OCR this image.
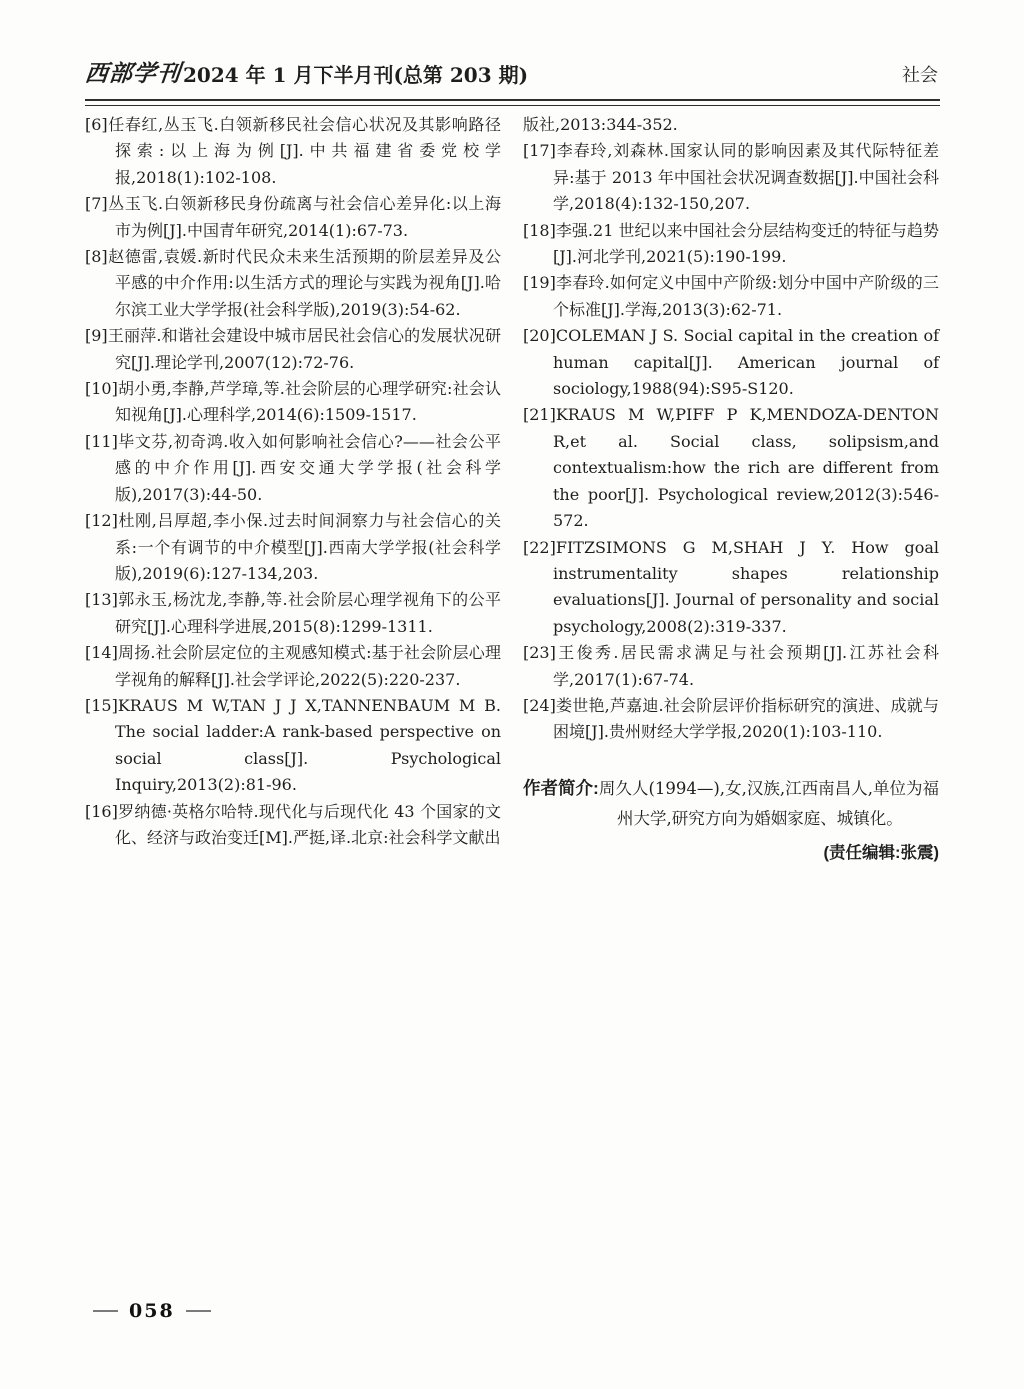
西部学刊 2024 年 1 月下半月刊(总第 203 期)	社会
[6]任春红,丛玉飞.白领新移民社会信心状况及其影响路径探索:以上海为例[J].中共福建省委党校学报,2018(1):102-108.
[7]丛玉飞.白领新移民身份疏离与社会信心差异化:以上海市为例[J].中国青年研究,2014(1):67-73.
[8]赵德雷,袁媛.新时代民众未来生活预期的阶层差异及公平感的中介作用:以生活方式的理论与实践为视角[J].哈尔滨工业大学学报(社会科学版),2019(3):54-62.
[9]王丽萍.和谐社会建设中城市居民社会信心的发展状况研究[J].理论学刊,2007(12):72-76.
[10]胡小勇,李静,芦学璋,等.社会阶层的心理学研究:社会认知视角[J].心理科学,2014(6):1509-1517.
[11]毕文芬,初奇鸿.收入如何影响社会信心?——社会公平感的中介作用[J].西安交通大学学报(社会科学版),2017(3):44-50.
[12]杜刚,吕厚超,李小保.过去时间洞察力与社会信心的关系:一个有调节的中介模型[J].西南大学学报(社会科学版),2019(6):127-134,203.
[13]郭永玉,杨沈龙,李静,等.社会阶层心理学视角下的公平研究[J].心理科学进展,2015(8):1299-1311.
[14]周扬.社会阶层定位的主观感知模式:基于社会阶层心理学视角的解释[J].社会学评论,2022(5):220-237.
[15]KRAUS M W,TAN J J X,TANNENBAUM M B. The social ladder:A rank-based perspective on social class[J]. Psychological Inquiry,2013(2):81-96.
[16]罗纳德·英格尔哈特.现代化与后现代化 43 个国家的文化、经济与政治变迁[M].严挺,译.北京:社会科学文献出
版社,2013:344-352.
[17]李春玲,刘森林.国家认同的影响因素及其代际特征差异:基于 2013 年中国社会状况调查数据[J].中国社会科学,2018(4):132-150,207.
[18]李强.21 世纪以来中国社会分层结构变迁的特征与趋势[J].河北学刊,2021(5):190-199.
[19]李春玲.如何定义中国中产阶级:划分中国中产阶级的三个标准[J].学海,2013(3):62-71.
[20]COLEMAN J S. Social capital in the creation of human capital[J]. American journal of sociology,1988(94):S95-S120.
[21]KRAUS M W,PIFF P K,MENDOZA-DENTON R,et al. Social class, solipsism,and contextualism:how the rich are different from the poor[J]. Psychological review,2012(3):546-572.
[22]FITZSIMONS G M,SHAH J Y. How goal instrumentality shapes relationship evaluations[J]. Journal of personality and social psychology,2008(2):319-337.
[23]王俊秀.居民需求满足与社会预期[J].江苏社会科学,2017(1):67-74.
[24]娄世艳,芦嘉迪.社会阶层评价指标研究的演进、成就与困境[J].贵州财经大学学报,2020(1):103-110.
作者简介:周久人(1994—),女,汉族,江西南昌人,单位为福州大学,研究方向为婚姻家庭、城镇化。
(责任编辑:张震)
058
